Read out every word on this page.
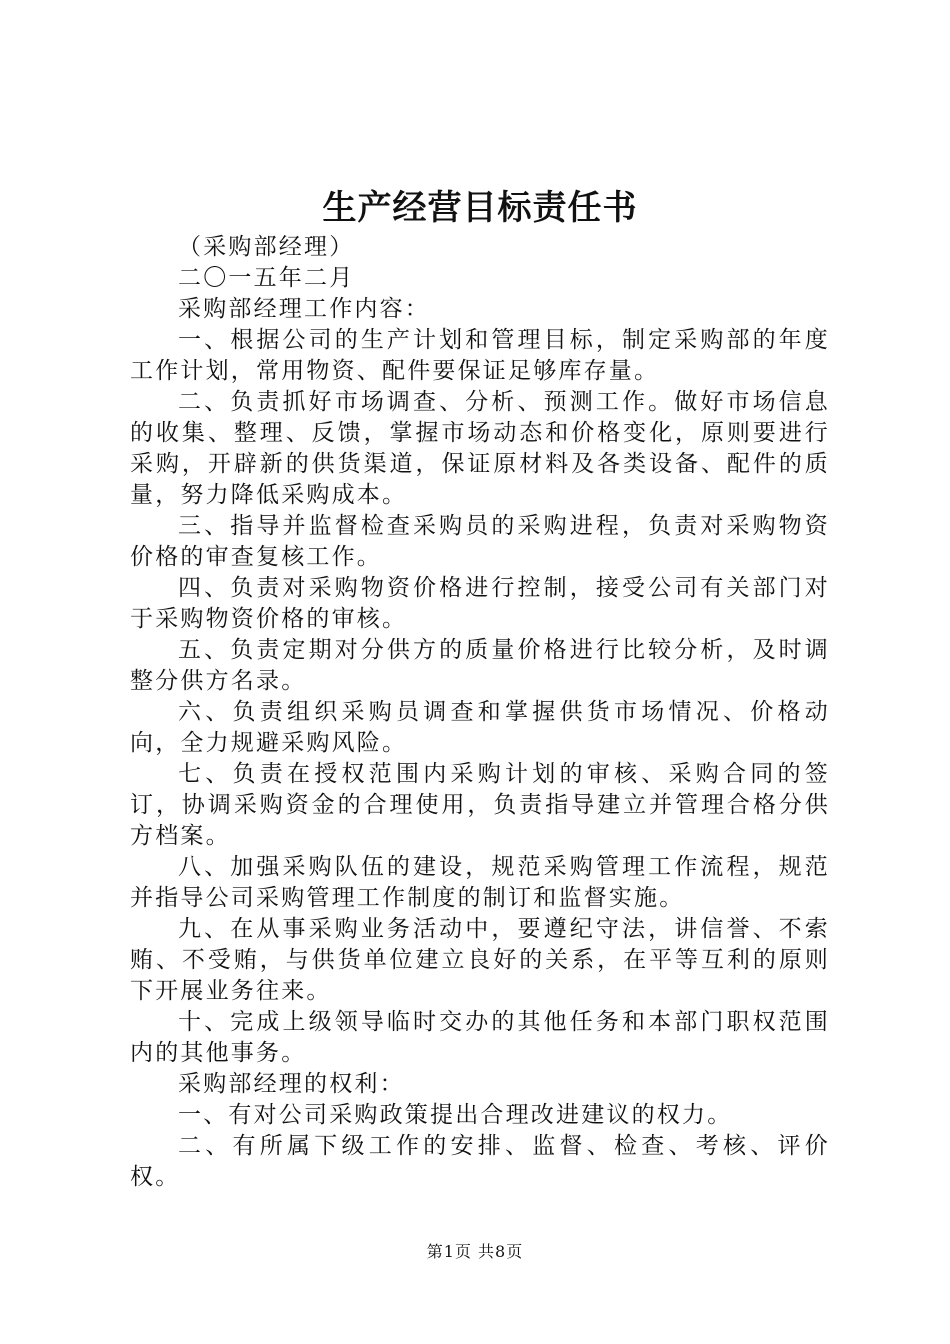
生产经营目标责任书

（采购部经理）

二〇一五年二月

采购部经理工作内容：

一、根据公司的生产计划和管理目标，制定采购部的年度工作计划，常用物资、配件要保证足够库存量。

二、负责抓好市场调查、分析、预测工作。做好市场信息的收集、整理、反馈，掌握市场动态和价格变化，原则要进行采购，开辟新的供货渠道，保证原材料及各类设备、配件的质量，努力降低采购成本。

三、指导并监督检查采购员的采购进程，负责对采购物资价格的审查复核工作。

四、负责对采购物资价格进行控制，接受公司有关部门对于采购物资价格的审核。

五、负责定期对分供方的质量价格进行比较分析，及时调整分供方名录。

六、负责组织采购员调查和掌握供货市场情况、价格动向，全力规避采购风险。

七、负责在授权范围内采购计划的审核、采购合同的签订，协调采购资金的合理使用，负责指导建立并管理合格分供方档案。

八、加强采购队伍的建设，规范采购管理工作流程，规范并指导公司采购管理工作制度的制订和监督实施。

九、在从事采购业务活动中，要遵纪守法，讲信誉、不索贿、不受贿，与供货单位建立良好的关系，在平等互利的原则下开展业务往来。

十、完成上级领导临时交办的其他任务和本部门职权范围内的其他事务。

采购部经理的权利：

一、有对公司采购政策提出合理改进建议的权力。

二、有所属下级工作的安排、监督、检查、考核、评价权。

第1页 共8页
